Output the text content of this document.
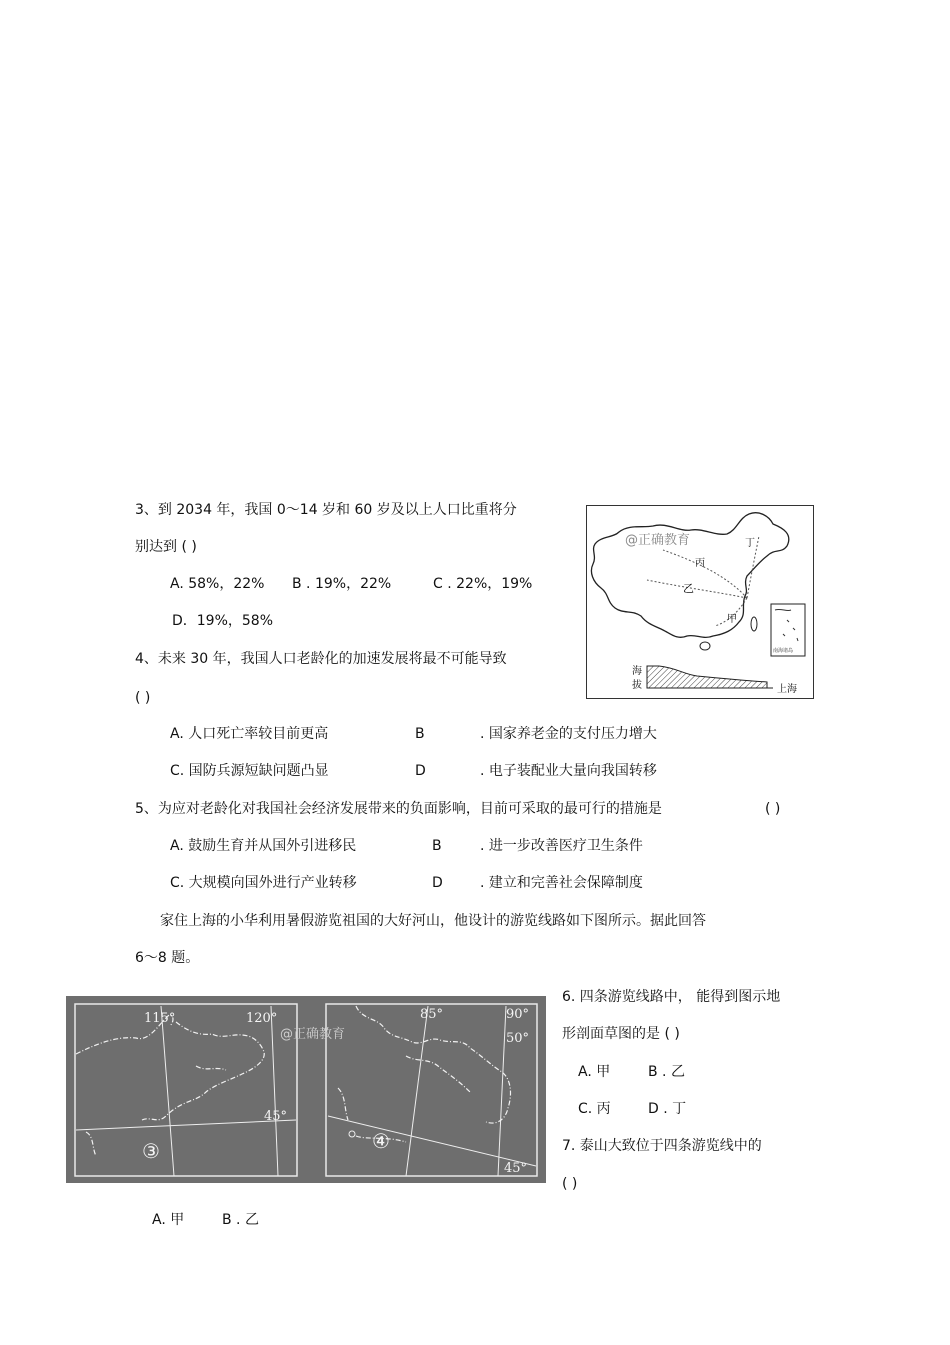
3、到 2034 年，我国 0～14 岁和 60 岁及以上人口比重将分
别达到 ( )
A. 58%，22% B . 19%，22%	C . 22%，19%
D．19%，58%
4、未来 30 年，我国人口老龄化的加速发展将最不可能导致
( )
A. 人口死亡率较目前更高	B	. 国家养老金的支付压力增大
C. 国防兵源短缺问题凸显	D	. 电子装配业大量向我国转移
5、为应对老龄化对我国社会经济发展带来的负面影响，目前可采取的最可行的措施是	( )
A. 鼓励生育并从国外引进移民	B	. 进一步改善医疗卫生条件
C. 大规模向国外进行产业转移	D	. 建立和完善社会保障制度
家住上海的小华利用暑假游览祖国的大好河山，他设计的游览线路如下图所示。据此回答
6～8 题。
@正确教育	丁
丙
乙
甲
南海诸岛
海
拔	上海
@正确教育
115°	120°
45°
③
85°	90°
50°
45°
④
6. 四条游览线路中， 能得到图示地
形剖面草图的是 ( )
A. 甲	B . 乙
C. 丙	D . 丁
7. 泰山大致位于四条游览线中的
( )
A. 甲	B . 乙
